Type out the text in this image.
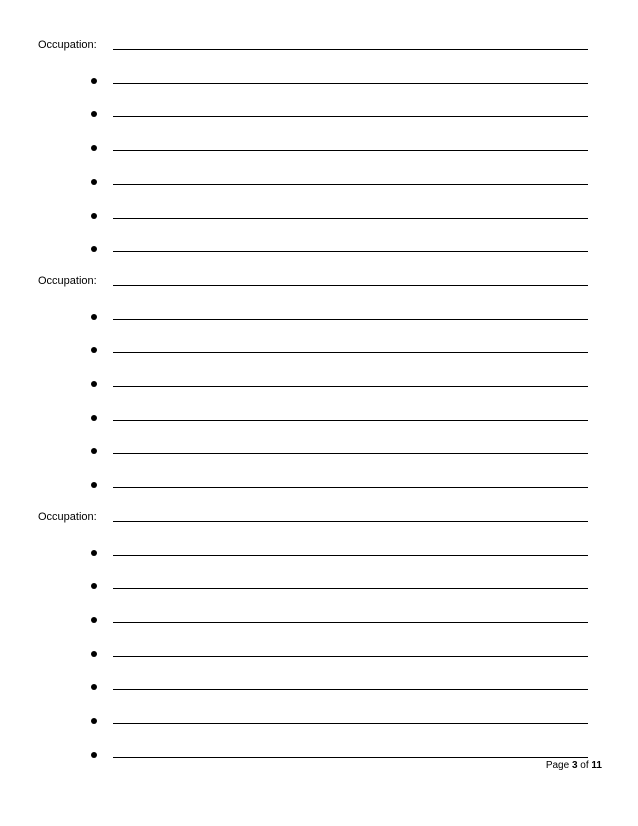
Occupation:
Occupation:
Occupation:
Page 3 of 11
